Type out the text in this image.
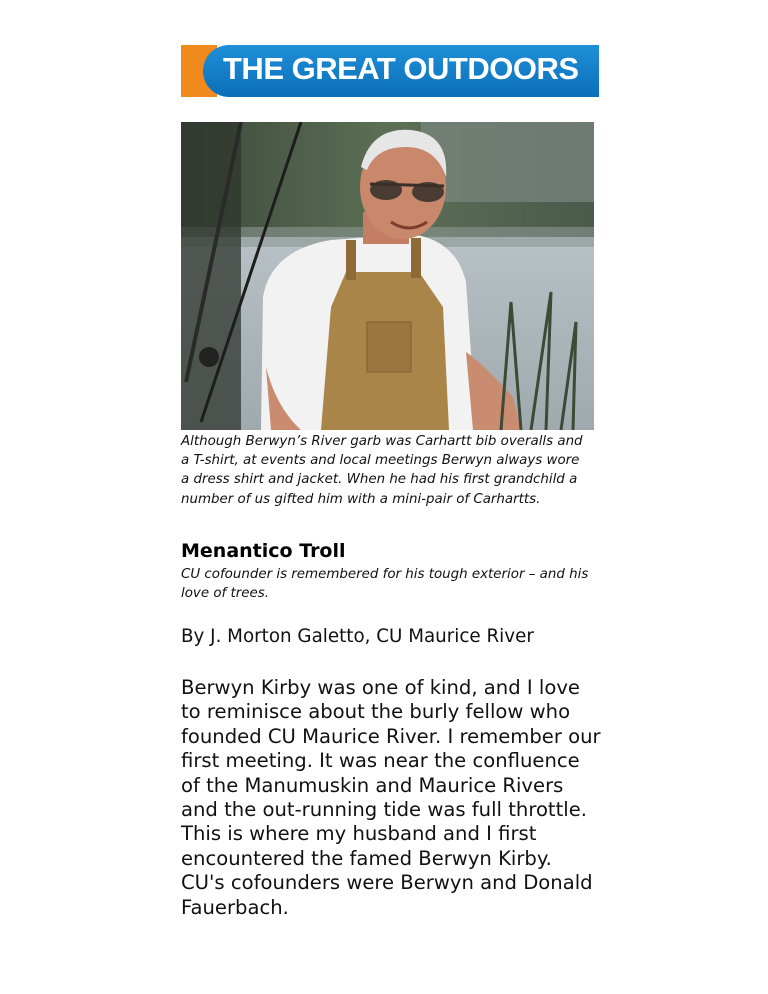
THE GREAT OUTDOORS
Although Berwyn’s River garb was Carhartt bib overalls and a T-shirt, at events and local meetings Berwyn always wore a dress shirt and jacket. When he had his first grandchild a number of us gifted him with a mini-pair of Carhartts.
Menantico Troll
CU cofounder is remembered for his tough exterior – and his love of trees.
By J. Morton Galetto, CU Maurice River

Berwyn Kirby was one of kind, and I love to reminisce about the burly fellow who founded CU Maurice River. I remember our first meeting. It was near the confluence of the Manumuskin and Maurice Rivers and the out-running tide was full throttle. This is where my husband and I first encountered the famed Berwyn Kirby. CU's cofounders were Berwyn and Donald Fauerbach.
